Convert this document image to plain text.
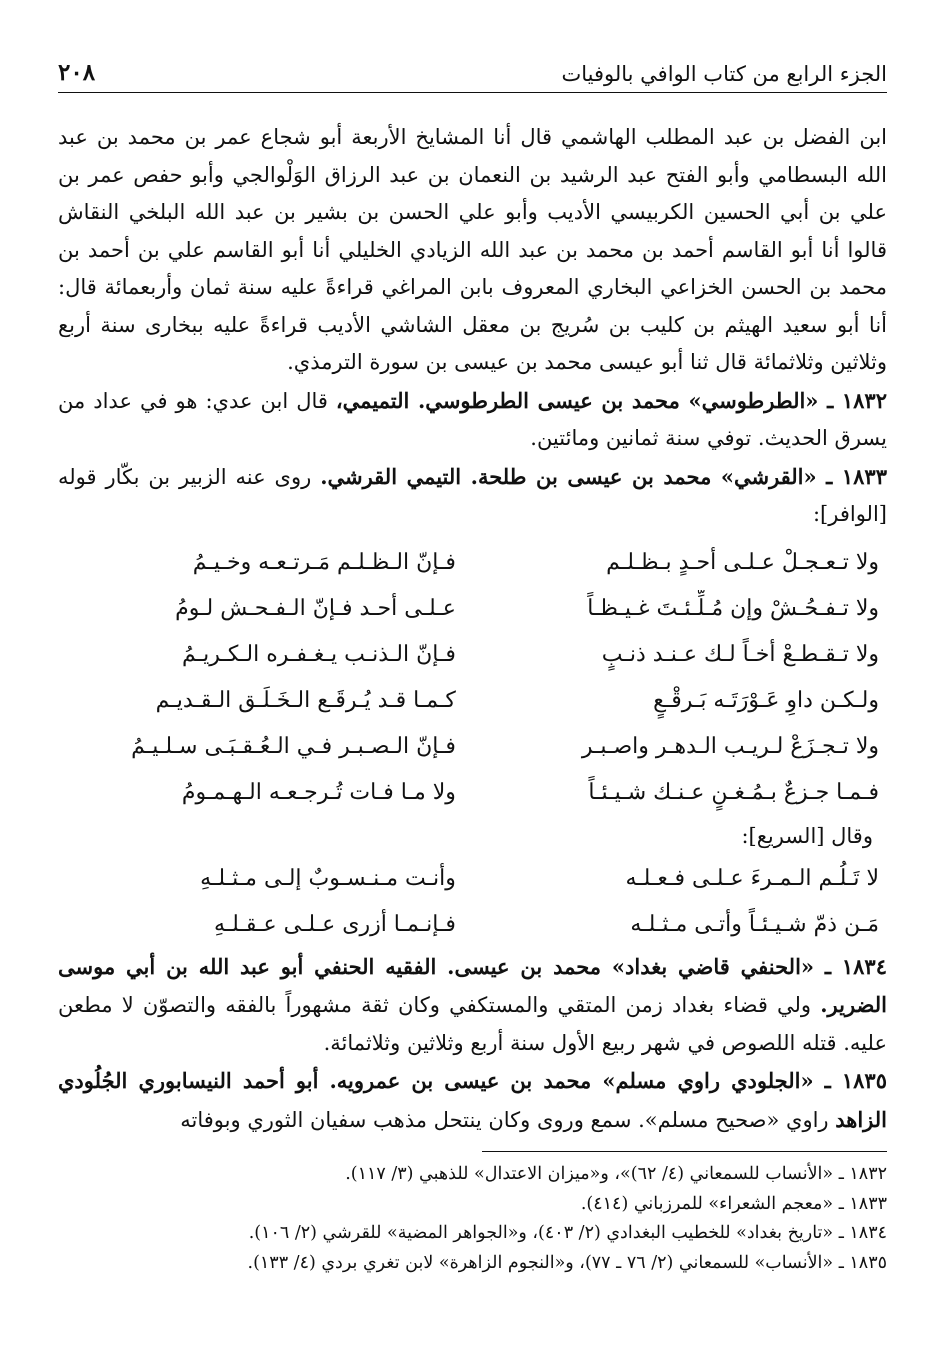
الجزء الرابع من كتاب الوافي بالوفيات
٢٠٨

ابن الفضل بن عبد المطلب الهاشمي قال أنا المشايخ الأربعة أبو شجاع عمر بن محمد بن عبد الله البسطامي وأبو الفتح عبد الرشيد بن النعمان بن عبد الرزاق الوَلْوالجي وأبو حفص عمر بن علي بن أبي الحسين الكربيسي الأديب وأبو علي الحسن بن بشير بن عبد الله البلخي النقاش قالوا أنا أبو القاسم أحمد بن محمد بن عبد الله الزيادي الخليلي أنا أبو القاسم علي بن أحمد بن محمد بن الحسن الخزاعي البخاري المعروف بابن المراغي قراءةً عليه سنة ثمان وأربعمائة قال: أنا أبو سعيد الهيثم بن كليب بن سُريج بن معقل الشاشي الأديب قراءةً عليه ببخارى سنة أربع وثلاثين وثلاثمائة قال ثنا أبو عيسى محمد بن عيسى بن سورة الترمذي.

١٨٣٢ ـ «الطرطوسي» محمد بن عيسى الطرطوسي. التميمي، قال ابن عدي: هو في عداد من يسرق الحديث. توفي سنة ثمانين ومائتين.

١٨٣٣ ـ «القرشي» محمد بن عيسى بن طلحة. التيمي القرشي. روى عنه الزبير بن بكّار قوله [الوافر]:

ولا تـعـجـلْ عـلـى أحـدٍ بـظـلـم
فـإنّ الـظـلـم مَـرتـعـه وخـيـمُ
ولا تـفـحُـشْ وإن مُـلِّـئـتَ غـيـظـاً
عـلـى أحـد فـإنّ الـفـحـش لـومُ
ولا تـقـطـعْ أخـاً لـك عـنـد ذنـبٍ
فـإنّ الـذنـب يـغـفـره الـكـريـمُ
ولـكـن داوِ عَـوْرَتَـه بَـرقْـعٍ
كـمـا قـد يُـرقَـع الـخَـلَـق الـقـديـم
ولا تـجـزَعْ لـريـب الـدهـر واصـبـر
فـإنّ الـصـبـر فـي الـعُـقـبَـى سـلـيـمُ
فـمـا جـزعٌ بـمُـغـنٍ عـنـك شـيـئـاً
ولا مـا فـات تُـرجـعـه الـهـمـومُ
وقال [السريع]:
لا تَـلُـم الـمـرءَ عـلـى فـعـلـه
وأنـت مـنـسـوبٌ إلـى مـثـلـهِ
مَـن ذمّ شـيـئـاً وأتـى مـثـلـه
فـإنـمـا أزرى عـلـى عـقـلـهِ

١٨٣٤ ـ «الحنفي قاضي بغداد» محمد بن عيسى. الفقيه الحنفي أبو عبد الله بن أبي موسى الضرير. ولي قضاء بغداد زمن المتقي والمستكفي وكان ثقة مشهوراً بالفقه والتصوّن لا مطعن عليه. قتله اللصوص في شهر ربيع الأول سنة أربع وثلاثين وثلاثمائة.

١٨٣٥ ـ «الجلودي راوي مسلم» محمد بن عيسى بن عمرويه. أبو أحمد النيسابوري الجُلُودي الزاهد راوي «صحيح مسلم». سمع وروى وكان ينتحل مذهب سفيان الثوري وبوفاته

١٨٣٢ ـ «الأنساب للسمعاني (٤/ ٦٢)»، و«ميزان الاعتدال» للذهبي (٣/ ١١٧).
١٨٣٣ ـ «معجم الشعراء» للمرزباني (٤١٤).
١٨٣٤ ـ «تاريخ بغداد» للخطيب البغدادي (٢/ ٤٠٣)، و«الجواهر المضية» للقرشي (٢/ ١٠٦).
١٨٣٥ ـ «الأنساب» للسمعاني (٢/ ٧٦ ـ ٧٧)، و«النجوم الزاهرة» لابن تغري بردي (٤/ ١٣٣).
